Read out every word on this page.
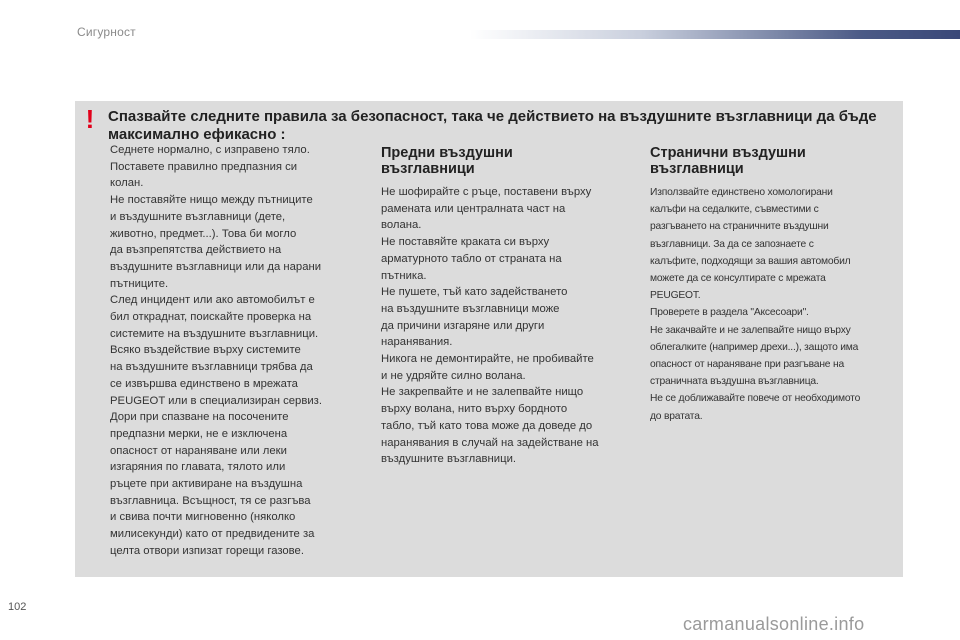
Сигурност
! Спазвайте следните правила за безопасност, така че действието на въздушните възглавници да бъде максимално ефикасно :

Седнете нормално, с изправено тяло.

Поставете правилно предпазния си

колан.

Не поставяйте нищо между пътниците

и въздушните възглавници (дете,

животно, предмет...). Това би могло

да възпрепятства действието на

въздушните възглавници или да нарани

пътниците.

След инцидент или ако автомобилът е

бил откраднат, поискайте проверка на

системите на въздушните възглавници.

Всяко въздействие върху системите

на въздушните възглавници трябва да

се извършва единствено в мрежата

PEUGEOT или в специализиран сервиз.

Дори при спазване на посочените

предпазни мерки, не е изключена

опасност от нараняване или леки

изгаряния по главата, тялото или

ръцете при активиране на въздушна

възглавница. Всъщност, тя се разгъва

и свива почти мигновенно (няколко

милисекунди) като от предвидените за

целта отвори изпизат горещи газове.

Предни въздушни
възглавници

Не шофирайте с ръце, поставени върху

рамената или централната част на

волана.

Не поставяйте краката си върху

арматурното табло от страната на

пътника.

Не пушете, тъй като задействането

на въздушните възглавници може

да причини изгаряне или други

наранявания.

Никога не демонтирайте, не пробивайте

и не удряйте силно волана.

Не закрепвайте и не залепвайте нищо

върху волана, нито върху бордното

табло, тъй като това може да доведе до

наранявания в случай на задействане на

въздушните възглавници.

Странични въздушни
възглавници

Използвайте единствено хомологирани

калъфи на седалките, съвместими с

разгъването на страничните въздушни

възглавници. За да се запознаете с

калъфите, подходящи за вашия автомобил

можете да се консултирате с мрежата

PEUGEOT.

Проверете в раздела "Аксесоари".

Не закачвайте и не залепвайте нищо върху

облегалките (например дрехи...), защото има

опасност от нараняване при разгъване на

страничната въздушна възглавница.

Не се доближавайте повече от необходимото

до вратата.

102
carmanualsonline.info
